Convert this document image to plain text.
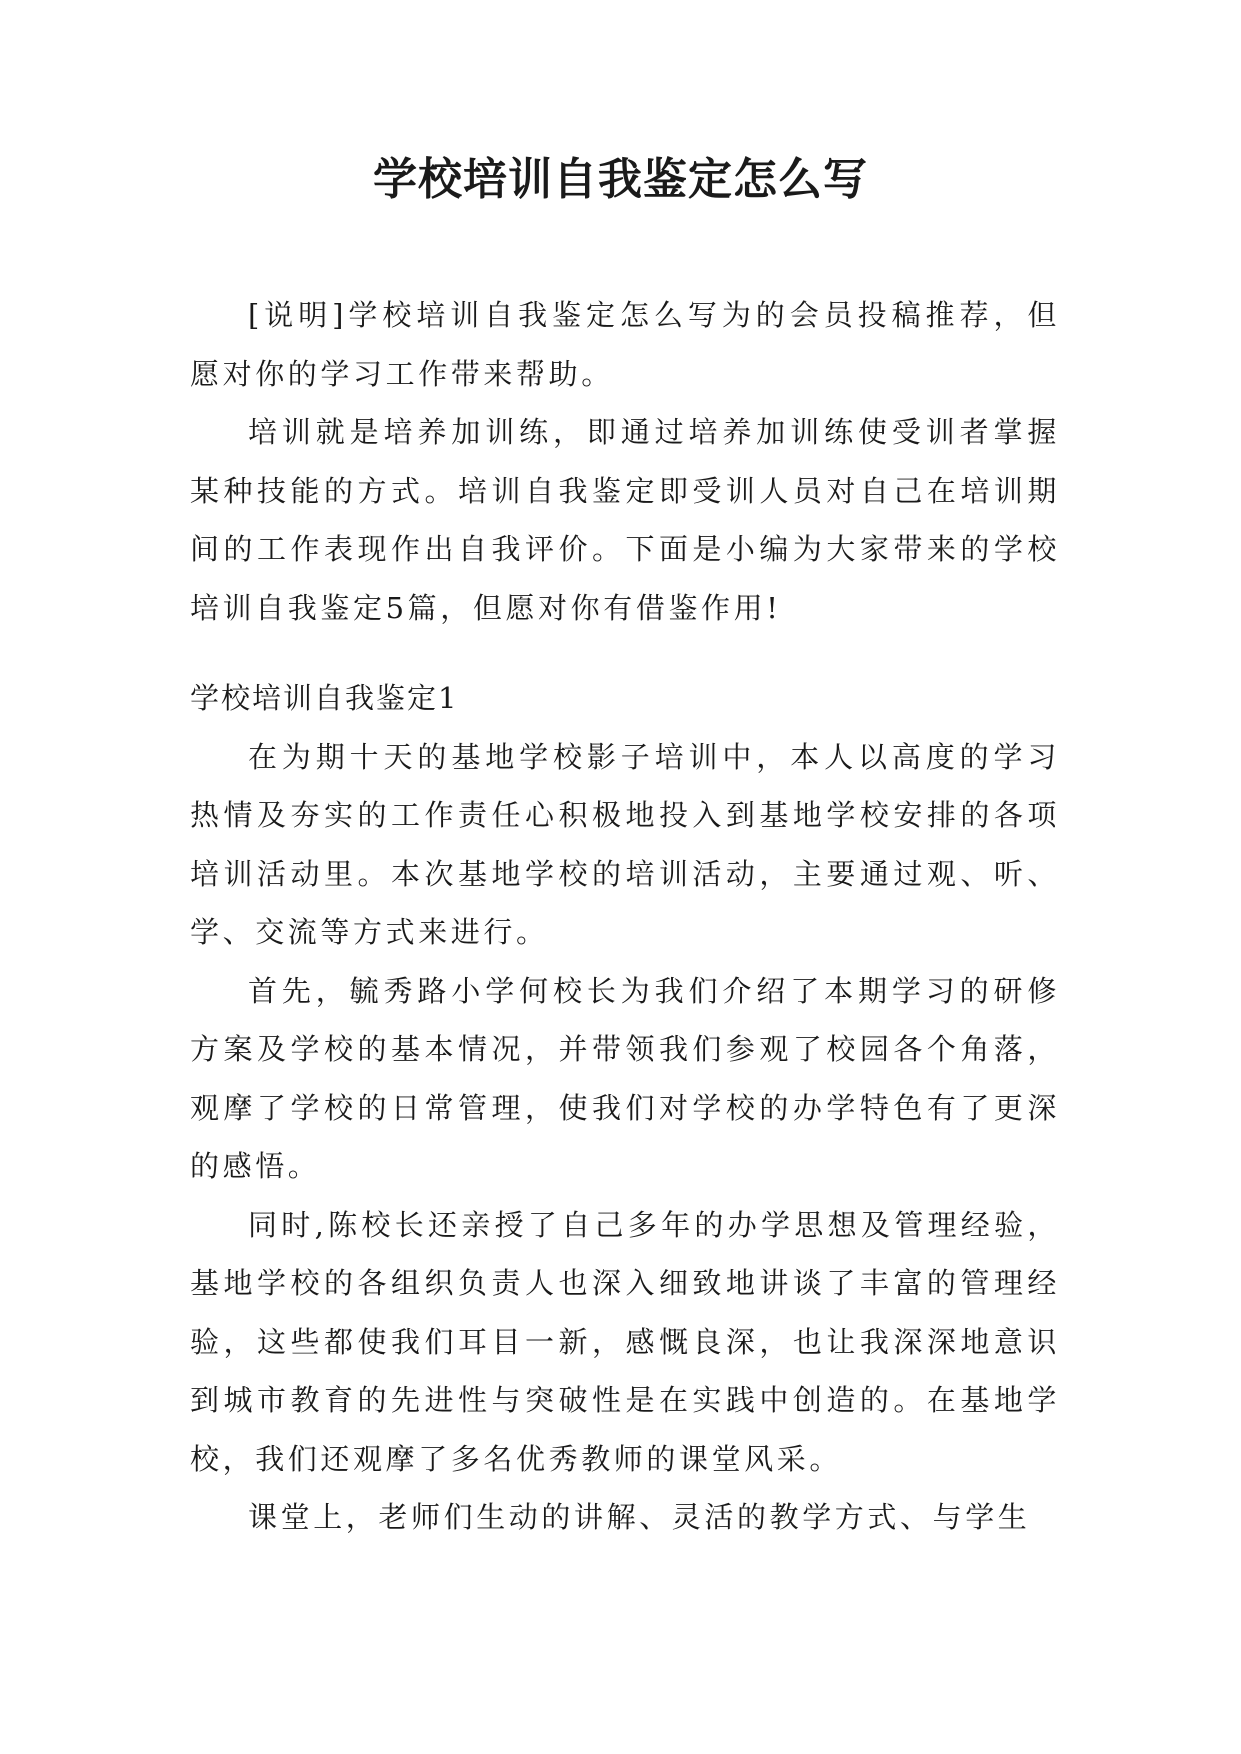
学校培训自我鉴定怎么写

[说明]学校培训自我鉴定怎么写为的会员投稿推荐，但愿对你的学习工作带来帮助。

培训就是培养加训练，即通过培养加训练使受训者掌握某种技能的方式。培训自我鉴定即受训人员对自己在培训期间的工作表现作出自我评价。下面是小编为大家带来的学校培训自我鉴定5篇，但愿对你有借鉴作用!

学校培训自我鉴定1

在为期十天的基地学校影子培训中，本人以高度的学习热情及夯实的工作责任心积极地投入到基地学校安排的各项培训活动里。本次基地学校的培训活动，主要通过观、听、学、交流等方式来进行。

首先，毓秀路小学何校长为我们介绍了本期学习的研修方案及学校的基本情况，并带领我们参观了校园各个角落，观摩了学校的日常管理，使我们对学校的办学特色有了更深的感悟。

同时,陈校长还亲授了自己多年的办学思想及管理经验，基地学校的各组织负责人也深入细致地讲谈了丰富的管理经验，这些都使我们耳目一新，感慨良深，也让我深深地意识到城市教育的先进性与突破性是在实践中创造的。在基地学校，我们还观摩了多名优秀教师的课堂风采。

课堂上，老师们生动的讲解、灵活的教学方式、与学生
